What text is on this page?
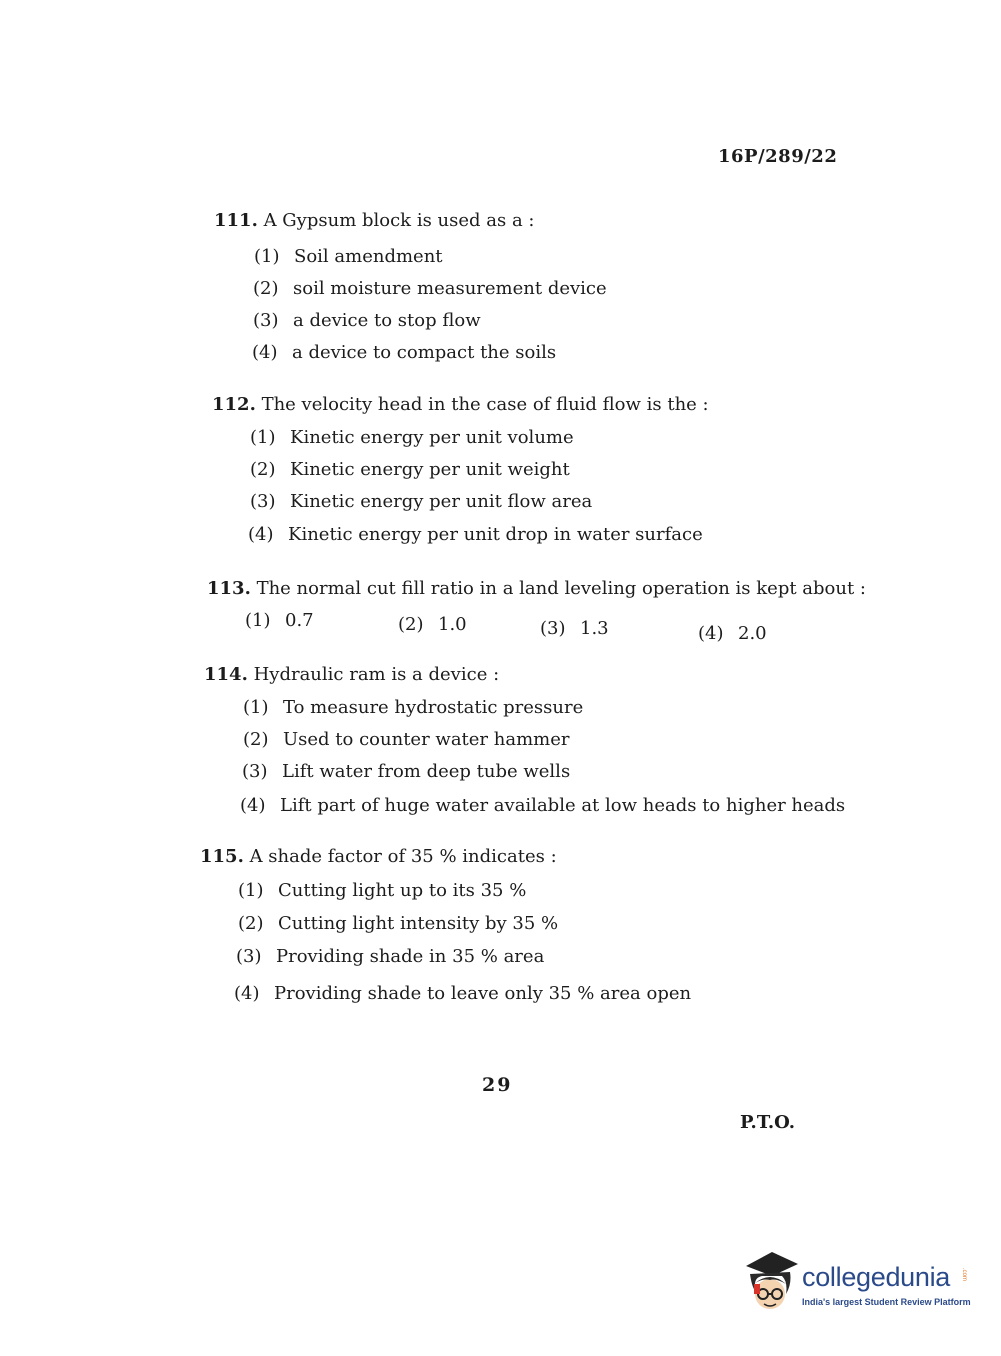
16P/289/22
111. A Gypsum block is used as a :
(1) Soil amendment
(2) soil moisture measurement device
(3) a device to stop flow
(4) a device to compact the soils
112. The velocity head in the case of fluid flow is the :
(1) Kinetic energy per unit volume
(2) Kinetic energy per unit weight
(3) Kinetic energy per unit flow area
(4) Kinetic energy per unit drop in water surface
113. The normal cut fill ratio in a land leveling operation is kept about :
(1) 0.7	(2) 1.0	(3) 1.3	(4) 2.0
114. Hydraulic ram is a device :
(1) To measure hydrostatic pressure
(2) Used to counter water hammer
(3) Lift water from deep tube wells
(4) Lift part of huge water available at low heads to higher heads
115. A shade factor of 35 % indicates :
(1) Cutting light up to its 35 %
(2) Cutting light intensity by 35 %
(3) Providing shade in 35 % area
(4) Providing shade to leave only 35 % area open
29
P.T.O.
collegedunia .com
India's largest Student Review Platform
